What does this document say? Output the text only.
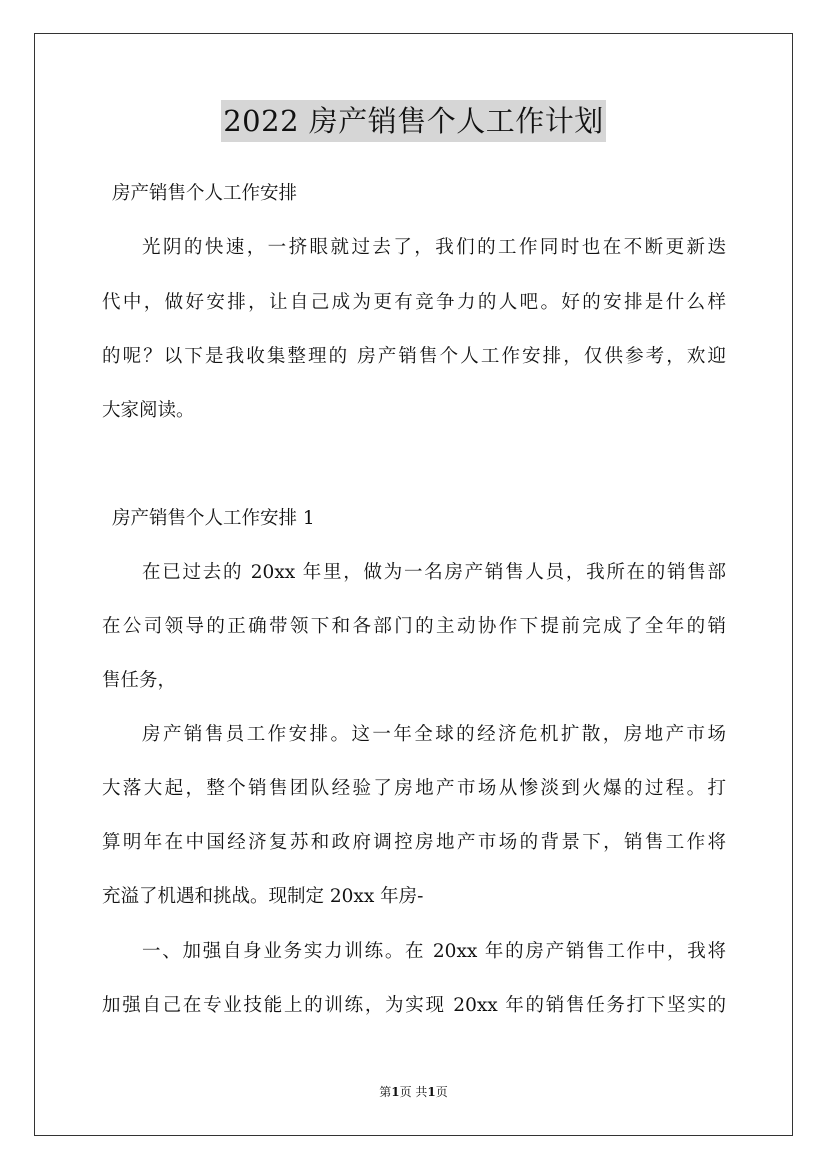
2022 房产销售个人工作计划
房产销售个人工作安排
光阴的快速，一挤眼就过去了，我们的工作同时也在不断更新迭
代中，做好安排，让自己成为更有竞争力的人吧。好的安排是什么样
的呢？以下是我收集整理的 房产销售个人工作安排，仅供参考，欢迎
大家阅读。
房产销售个人工作安排 1
在已过去的 20xx 年里，做为一名房产销售人员，我所在的销售部
在公司领导的正确带领下和各部门的主动协作下提前完成了全年的销
售任务，
房产销售员工作安排。这一年全球的经济危机扩散，房地产市场
大落大起，整个销售团队经验了房地产市场从惨淡到火爆的过程。打
算明年在中国经济复苏和政府调控房地产市场的背景下，销售工作将
充溢了机遇和挑战。现制定 20xx 年房-
一、加强自身业务实力训练。在 20xx 年的房产销售工作中，我将
加强自己在专业技能上的训练，为实现 20xx 年的销售任务打下坚实的
第1页 共1页
